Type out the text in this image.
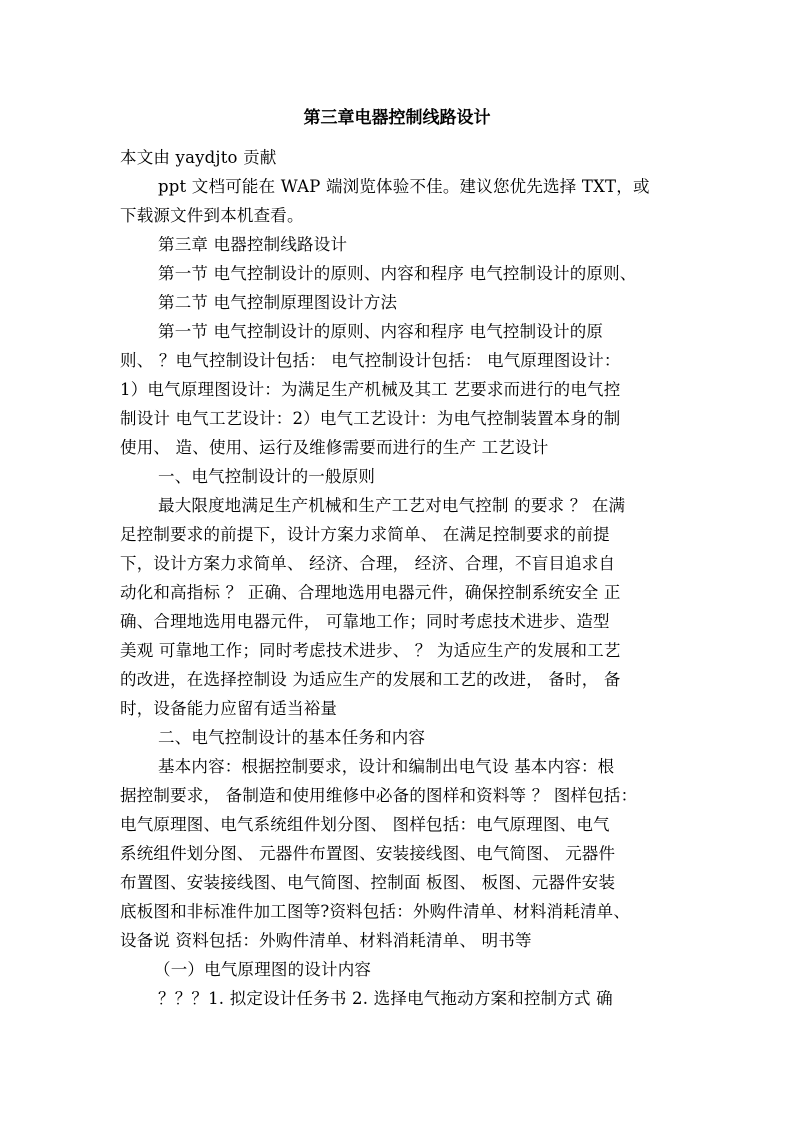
第三章电器控制线路设计
本文由 yaydjto 贡献
ppt 文档可能在 WAP 端浏览体验不佳。建议您优先选择 TXT，或
下载源文件到本机查看。
第三章 电器控制线路设计
第一节 电气控制设计的原则、内容和程序 电气控制设计的原则、
第二节 电气控制原理图设计方法
第一节 电气控制设计的原则、内容和程序 电气控制设计的原
则、 ？电气控制设计包括： 电气控制设计包括： 电气原理图设计：
1）电气原理图设计：为满足生产机械及其工 艺要求而进行的电气控
制设计 电气工艺设计：2）电气工艺设计：为电气控制装置本身的制
使用、 造、使用、运行及维修需要而进行的生产 工艺设计
一、电气控制设计的一般原则
最大限度地满足生产机械和生产工艺对电气控制 的要求 ？ 在满
足控制要求的前提下，设计方案力求简单、 在满足控制要求的前提
下，设计方案力求简单、 经济、合理， 经济、合理，不盲目追求自
动化和高指标 ？ 正确、合理地选用电器元件，确保控制系统安全 正
确、合理地选用电器元件， 可靠地工作；同时考虑技术进步、造型
美观 可靠地工作；同时考虑技术进步、 ？ 为适应生产的发展和工艺
的改进，在选择控制设 为适应生产的发展和工艺的改进， 备时， 备
时，设备能力应留有适当裕量
二、电气控制设计的基本任务和内容
基本内容：根据控制要求，设计和编制出电气设 基本内容：根
据控制要求， 备制造和使用维修中必备的图样和资料等 ？ 图样包括：
电气原理图、电气系统组件划分图、 图样包括：电气原理图、电气
系统组件划分图、 元器件布置图、安装接线图、电气简图、 元器件
布置图、安装接线图、电气简图、控制面 板图、 板图、元器件安装
底板图和非标准件加工图等?资料包括：外购件清单、材料消耗清单、
设备说 资料包括：外购件清单、材料消耗清单、 明书等
（一）电气原理图的设计内容
？？？1. 拟定设计任务书 2. 选择电气拖动方案和控制方式 确
